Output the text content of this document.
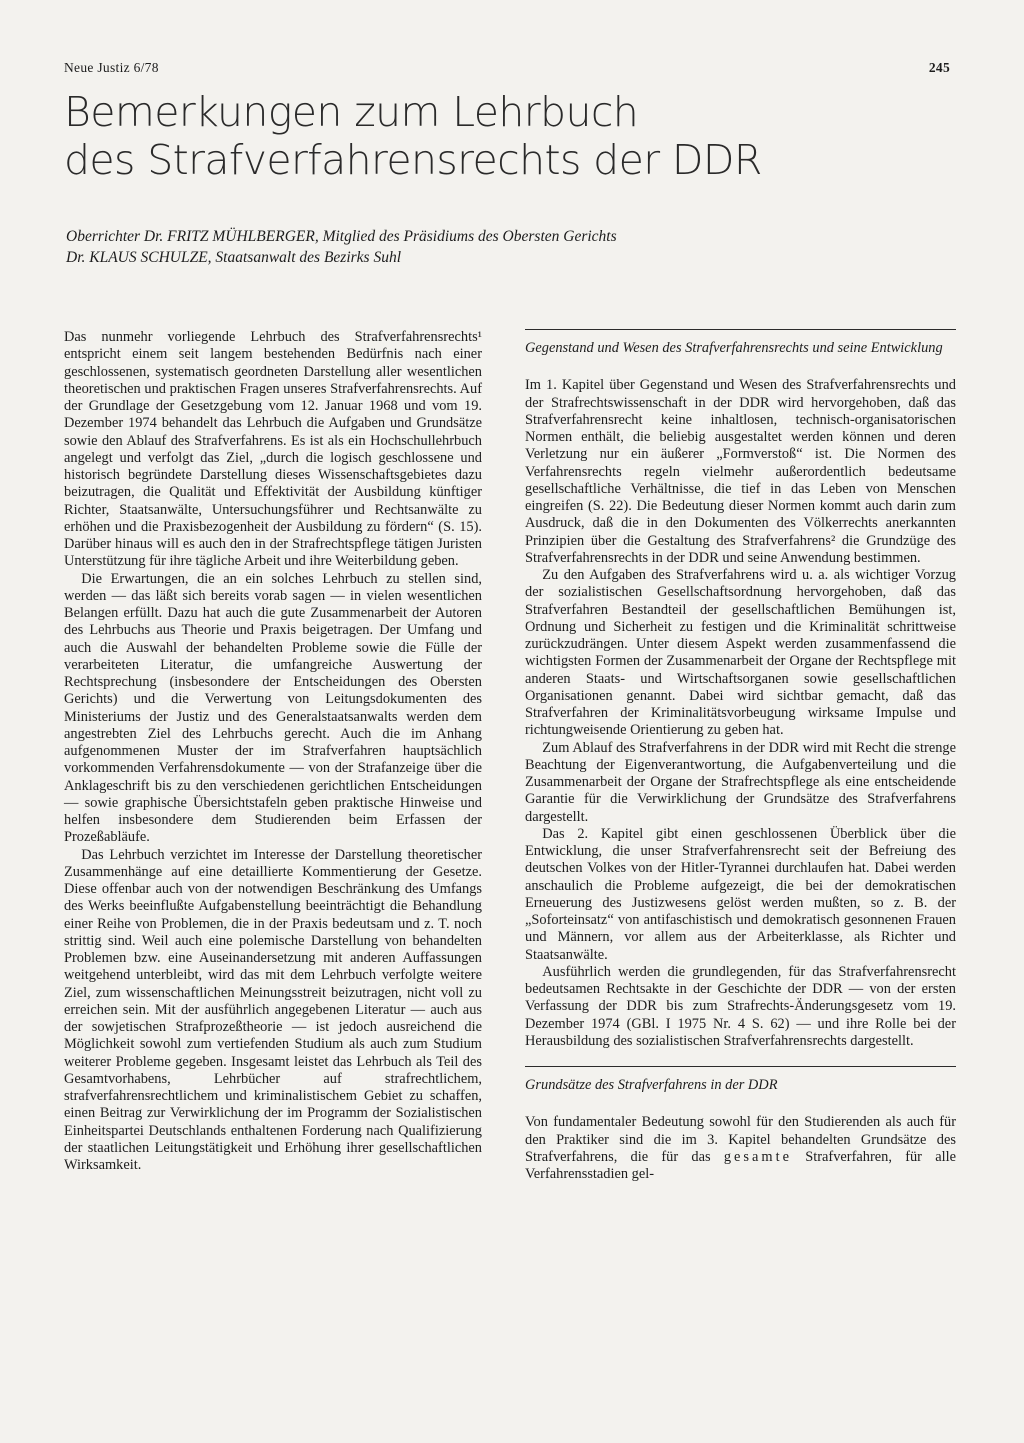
Neue Justiz 6/78	245
Bemerkungen zum Lehrbuch
des Strafverfahrensrechts der DDR
Oberrichter Dr. FRITZ MÜHLBERGER, Mitglied des Präsidiums des Obersten Gerichts
Dr. KLAUS SCHULZE, Staatsanwalt des Bezirks Suhl

Das nunmehr vorliegende Lehrbuch des Strafverfahrensrechts¹ entspricht einem seit langem bestehenden Bedürfnis nach einer geschlossenen, systematisch geordneten Darstellung aller wesentlichen theoretischen und praktischen Fragen unseres Strafverfahrensrechts. Auf der Grundlage der Gesetzgebung vom 12. Januar 1968 und vom 19. Dezember 1974 behandelt das Lehrbuch die Aufgaben und Grundsätze sowie den Ablauf des Strafverfahrens. Es ist als ein Hochschullehrbuch angelegt und verfolgt das Ziel, „durch die logisch geschlossene und historisch begründete Darstellung dieses Wissenschaftsgebietes dazu beizutragen, die Qualität und Effektivität der Ausbildung künftiger Richter, Staatsanwälte, Untersuchungsführer und Rechtsanwälte zu erhöhen und die Praxisbezogenheit der Ausbildung zu fördern“ (S. 15). Darüber hinaus will es auch den in der Strafrechtspflege tätigen Juristen Unterstützung für ihre tägliche Arbeit und ihre Weiterbildung geben.

Die Erwartungen, die an ein solches Lehrbuch zu stellen sind, werden — das läßt sich bereits vorab sagen — in vielen wesentlichen Belangen erfüllt. Dazu hat auch die gute Zusammenarbeit der Autoren des Lehrbuchs aus Theorie und Praxis beigetragen. Der Umfang und auch die Auswahl der behandelten Probleme sowie die Fülle der verarbeiteten Literatur, die umfangreiche Auswertung der Rechtsprechung (insbesondere der Entscheidungen des Obersten Gerichts) und die Verwertung von Leitungsdokumenten des Ministeriums der Justiz und des Generalstaatsanwalts werden dem angestrebten Ziel des Lehrbuchs gerecht. Auch die im Anhang aufgenommenen Muster der im Strafverfahren hauptsächlich vorkommenden Verfahrensdokumente — von der Strafanzeige über die Anklageschrift bis zu den verschiedenen gerichtlichen Entscheidungen — sowie graphische Übersichtstafeln geben praktische Hinweise und helfen insbesondere dem Studierenden beim Erfassen der Prozeßabläufe.

Das Lehrbuch verzichtet im Interesse der Darstellung theoretischer Zusammenhänge auf eine detaillierte Kommentierung der Gesetze. Diese offenbar auch von der notwendigen Beschränkung des Umfangs des Werks beeinflußte Aufgabenstellung beeinträchtigt die Behandlung einer Reihe von Problemen, die in der Praxis bedeutsam und z. T. noch strittig sind. Weil auch eine polemische Darstellung von behandelten Problemen bzw. eine Auseinandersetzung mit anderen Auffassungen weitgehend unterbleibt, wird das mit dem Lehrbuch verfolgte weitere Ziel, zum wissenschaftlichen Meinungsstreit beizutragen, nicht voll zu erreichen sein. Mit der ausführlich angegebenen Literatur — auch aus der sowjetischen Strafprozeßtheorie — ist jedoch ausreichend die Möglichkeit sowohl zum vertiefenden Studium als auch zum Studium weiterer Probleme gegeben. Insgesamt leistet das Lehrbuch als Teil des Gesamtvorhabens, Lehrbücher auf strafrechtlichem, strafverfahrensrechtlichem und kriminalistischem Gebiet zu schaffen, einen Beitrag zur Verwirklichung der im Programm der Sozialistischen Einheitspartei Deutschlands enthaltenen Forderung nach Qualifizierung der staatlichen Leitungstätigkeit und Erhöhung ihrer gesellschaftlichen Wirksamkeit.

Gegenstand und Wesen des Strafverfahrensrechts und seine Entwicklung

Im 1. Kapitel über Gegenstand und Wesen des Strafverfahrensrechts und der Strafrechtswissenschaft in der DDR wird hervorgehoben, daß das Strafverfahrensrecht keine inhaltlosen, technisch-organisatorischen Normen enthält, die beliebig ausgestaltet werden können und deren Verletzung nur ein äußerer „Formverstoß“ ist. Die Normen des Verfahrensrechts regeln vielmehr außerordentlich bedeutsame gesellschaftliche Verhältnisse, die tief in das Leben von Menschen eingreifen (S. 22). Die Bedeutung dieser Normen kommt auch darin zum Ausdruck, daß die in den Dokumenten des Völkerrechts anerkannten Prinzipien über die Gestaltung des Strafverfahrens² die Grundzüge des Strafverfahrensrechts in der DDR und seine Anwendung bestimmen.

Zu den Aufgaben des Strafverfahrens wird u. a. als wichtiger Vorzug der sozialistischen Gesellschaftsordnung hervorgehoben, daß das Strafverfahren Bestandteil der gesellschaftlichen Bemühungen ist, Ordnung und Sicherheit zu festigen und die Kriminalität schrittweise zurückzudrängen. Unter diesem Aspekt werden zusammenfassend die wichtigsten Formen der Zusammenarbeit der Organe der Rechtspflege mit anderen Staats- und Wirtschaftsorganen sowie gesellschaftlichen Organisationen genannt. Dabei wird sichtbar gemacht, daß das Strafverfahren der Kriminalitätsvorbeugung wirksame Impulse und richtungweisende Orientierung zu geben hat.

Zum Ablauf des Strafverfahrens in der DDR wird mit Recht die strenge Beachtung der Eigenverantwortung, die Aufgabenverteilung und die Zusammenarbeit der Organe der Strafrechtspflege als eine entscheidende Garantie für die Verwirklichung der Grundsätze des Strafverfahrens dargestellt.

Das 2. Kapitel gibt einen geschlossenen Überblick über die Entwicklung, die unser Strafverfahrensrecht seit der Befreiung des deutschen Volkes von der Hitler-Tyrannei durchlaufen hat. Dabei werden anschaulich die Probleme aufgezeigt, die bei der demokratischen Erneuerung des Justizwesens gelöst werden mußten, so z. B. der „Soforteinsatz“ von antifaschistisch und demokratisch gesonnenen Frauen und Männern, vor allem aus der Arbeiterklasse, als Richter und Staatsanwälte.

Ausführlich werden die grundlegenden, für das Strafverfahrensrecht bedeutsamen Rechtsakte in der Geschichte der DDR — von der ersten Verfassung der DDR bis zum Strafrechts-Änderungsgesetz vom 19. Dezember 1974 (GBl. I 1975 Nr. 4 S. 62) — und ihre Rolle bei der Herausbildung des sozialistischen Strafverfahrensrechts dargestellt.

Grundsätze des Strafverfahrens in der DDR

Von fundamentaler Bedeutung sowohl für den Studierenden als auch für den Praktiker sind die im 3. Kapitel behandelten Grundsätze des Strafverfahrens, die für das gesamte Strafverfahren, für alle Verfahrensstadien gel-
